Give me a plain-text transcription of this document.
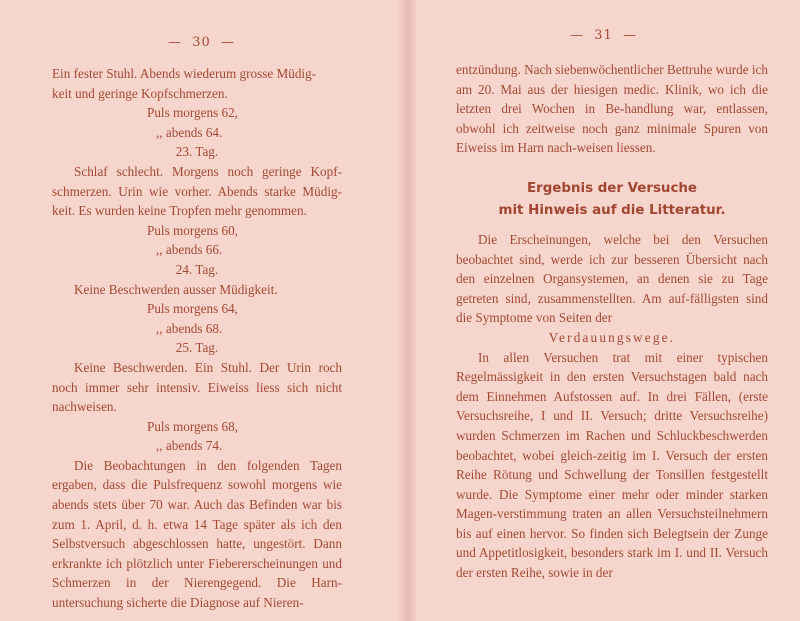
—  30  —

Ein fester Stuhl. Abends wiederum grosse Müdig-

keit und geringe Kopfschmerzen.

Puls morgens 62,

,, abends 64.

23. Tag.

Schlaf schlecht. Morgens noch geringe Kopf-schmerzen. Urin wie vorher. Abends starke Müdig-keit. Es wurden keine Tropfen mehr genommen.

Puls morgens 60,

,, abends 66.

24. Tag.

Keine Beschwerden ausser Müdigkeit.

Puls morgens 64,

,, abends 68.

25. Tag.

Keine Beschwerden. Ein Stuhl. Der Urin roch noch immer sehr intensiv. Eiweiss liess sich nicht nachweisen.

Puls morgens 68,

,, abends 74.

Die Beobachtungen in den folgenden Tagen ergaben, dass die Pulsfrequenz sowohl morgens wie abends stets über 70 war. Auch das Befinden war bis zum 1. April, d. h. etwa 14 Tage später als ich den Selbstversuch abgeschlossen hatte, ungestört. Dann erkrankte ich plötzlich unter Fiebererscheinungen und Schmerzen in der Nierengegend. Die Harn-untersuchung sicherte die Diagnose auf Nieren-

—  31  —

entzündung. Nach siebenwöchentlicher Bettruhe wurde ich am 20. Mai aus der hiesigen medic. Klinik, wo ich die letzten drei Wochen in Be-handlung war, entlassen, obwohl ich zeitweise noch ganz minimale Spuren von Eiweiss im Harn nach-weisen liessen.

Ergebnis der Versuche
mit Hinweis auf die Litteratur.

Die Erscheinungen, welche bei den Versuchen beobachtet sind, werde ich zur besseren Übersicht nach den einzelnen Organsystemen, an denen sie zu Tage getreten sind, zusammenstellten. Am auf-fälligsten sind die Symptome von Seiten der

Verdauungswege.

In allen Versuchen trat mit einer typischen Regelmässigkeit in den ersten Versuchstagen bald nach dem Einnehmen Aufstossen auf. In drei Fällen, (erste Versuchsreihe, I und II. Versuch; dritte Versuchsreihe) wurden Schmerzen im Rachen und Schluckbeschwerden beobachtet, wobei gleich-zeitig im I. Versuch der ersten Reihe Rötung und Schwellung der Tonsillen festgestellt wurde. Die Symptome einer mehr oder minder starken Magen-verstimmung traten an allen Versuchsteilnehmern bis auf einen hervor. So finden sich Belegtsein der Zunge und Appetitlosigkeit, besonders stark im I. und II. Versuch der ersten Reihe, sowie in der
